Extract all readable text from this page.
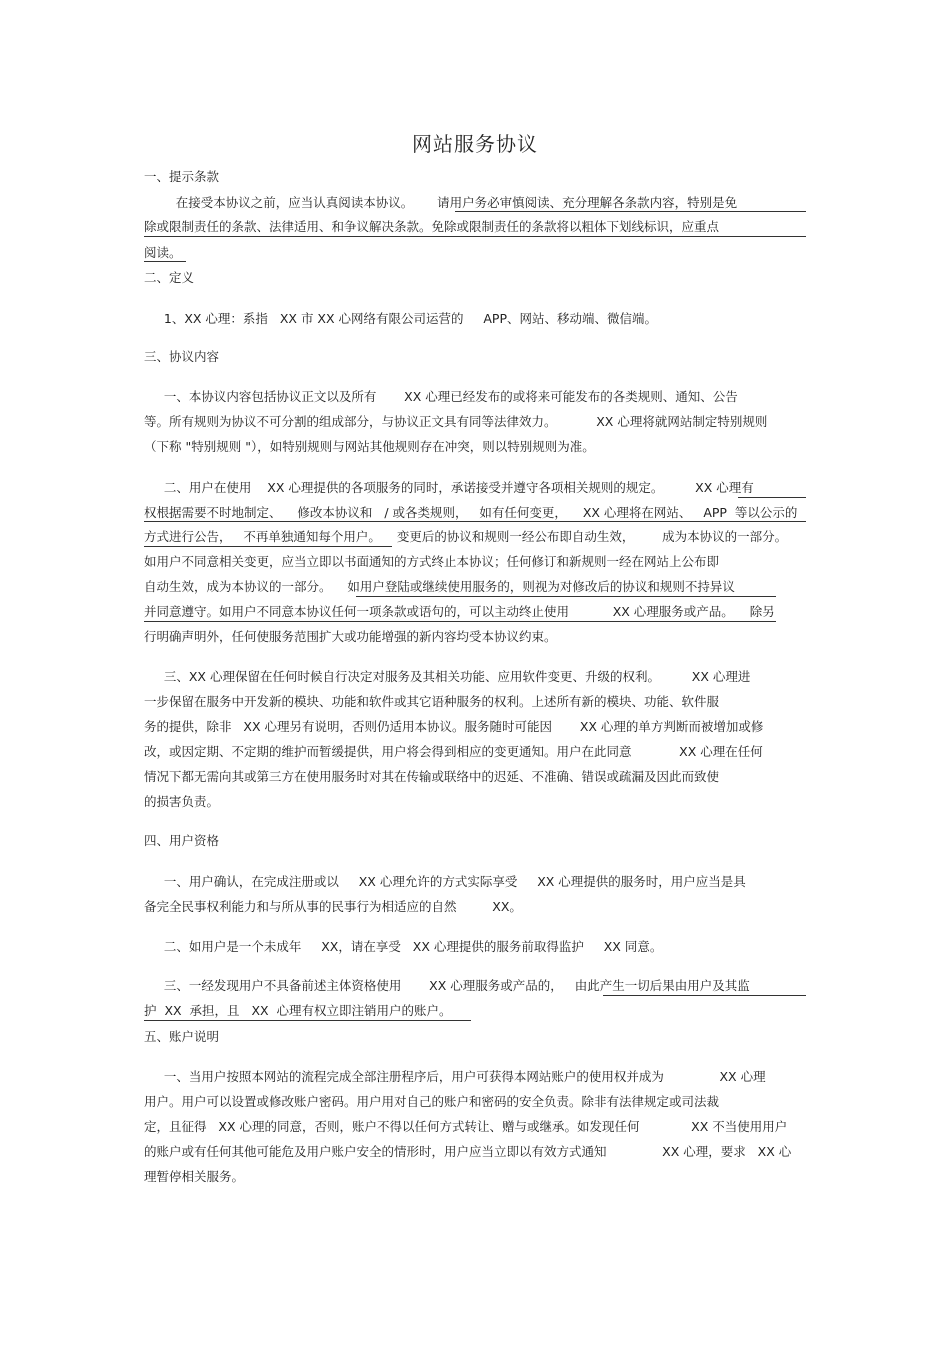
网站服务协议
一、提示条款
在接受本协议之前，应当认真阅读本协议。      请用户务必审慎阅读、充分理解各条款内容，特别是免
除或限制责任的条款、法律适用、和争议解决条款。免除或限制责任的条款将以粗体下划线标识，应重点
阅读。
二、定义
1、XX 心理：系指   XX 市 XX 心网络有限公司运营的     APP、网站、移动端、微信端。
三、协议内容
一、本协议内容包括协议正文以及所有       XX 心理已经发布的或将来可能发布的各类规则、通知、公告
等。所有规则为协议不可分割的组成部分，与协议正文具有同等法律效力。          XX 心理将就网站制定特别规则
（下称 "特别规则 "），如特别规则与网站其他规则存在冲突，则以特别规则为准。
二、用户在使用    XX 心理提供的各项服务的同时，承诺接受并遵守各项相关规则的规定。        XX 心理有
权根据需要不时地制定、    修改本协议和   / 或各类规则，   如有任何变更，    XX 心理将在网站、   APP  等以公示的
方式进行公告，   不再单独通知每个用户。    变更后的协议和规则一经公布即自动生效，       成为本协议的一部分。
如用户不同意相关变更，应当立即以书面通知的方式终止本协议；任何修订和新规则一经在网站上公布即
自动生效，成为本协议的一部分。    如用户登陆或继续使用服务的，则视为对修改后的协议和规则不持异议
并同意遵守。如用户不同意本协议任何一项条款或语句的，可以主动终止使用           XX 心理服务或产品。    除另
行明确声明外，任何使服务范围扩大或功能增强的新内容均受本协议约束。
三、XX 心理保留在任何时候自行决定对服务及其相关功能、应用软件变更、升级的权利。        XX 心理进
一步保留在服务中开发新的模块、功能和软件或其它语种服务的权利。上述所有新的模块、功能、软件服
务的提供，除非   XX 心理另有说明，否则仍适用本协议。服务随时可能因       XX 心理的单方判断而被增加或修
改，或因定期、不定期的维护而暂缓提供，用户将会得到相应的变更通知。用户在此同意            XX 心理在任何
情况下都无需向其或第三方在使用服务时对其在传输或联络中的迟延、不准确、错误或疏漏及因此而致使
的损害负责。
四、用户资格
一、用户确认，在完成注册或以     XX 心理允许的方式实际享受     XX 心理提供的服务时，用户应当是具
备完全民事权利能力和与所从事的民事行为相适应的自然         XX。
二、如用户是一个未成年     XX，请在享受   XX 心理提供的服务前取得监护     XX 同意。
三、一经发现用户不具备前述主体资格使用       XX 心理服务或产品的，   由此产生一切后果由用户及其监
护  XX  承担，且   XX  心理有权立即注销用户的账户。
五、账户说明
一、当用户按照本网站的流程完成全部注册程序后，用户可获得本网站账户的使用权并成为              XX 心理
用户。用户可以设置或修改账户密码。用户用对自己的账户和密码的安全负责。除非有法律规定或司法裁
定，且征得   XX 心理的同意，否则，账户不得以任何方式转让、赠与或继承。如发现任何             XX 不当使用用户
的账户或有任何其他可能危及用户账户安全的情形时，用户应当立即以有效方式通知              XX 心理，要求   XX 心
理暂停相关服务。
